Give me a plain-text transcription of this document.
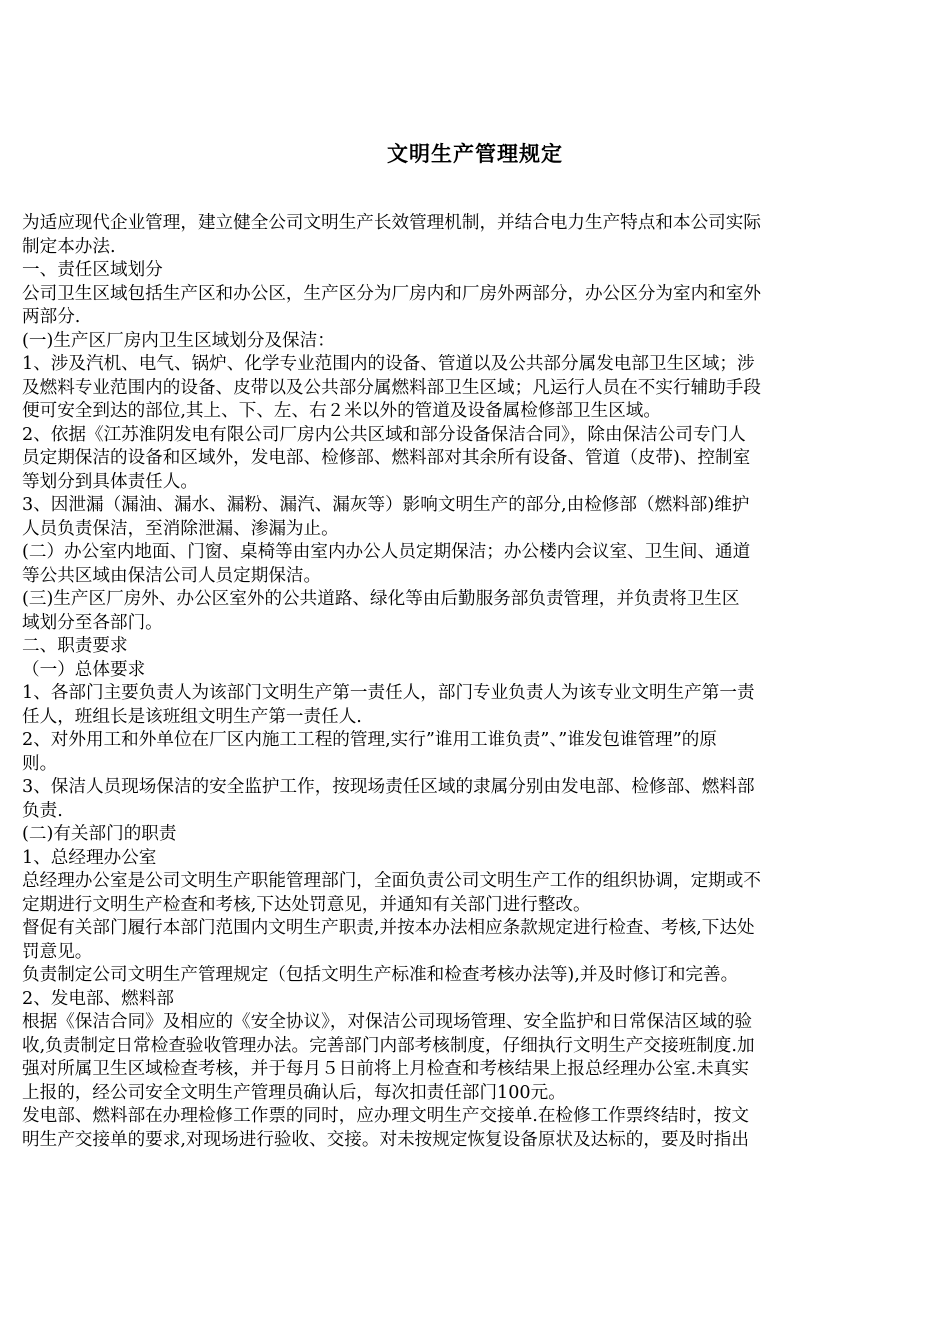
文明生产管理规定
为适应现代企业管理，建立健全公司文明生产长效管理机制，并结合电力生产特点和本公司实际
制定本办法.
一、责任区域划分
公司卫生区域包括生产区和办公区，生产区分为厂房内和厂房外两部分，办公区分为室内和室外
两部分.
(一)生产区厂房内卫生区域划分及保洁：
1、涉及汽机、电气、锅炉、化学专业范围内的设备、管道以及公共部分属发电部卫生区域；涉
及燃料专业范围内的设备、皮带以及公共部分属燃料部卫生区域；凡运行人员在不实行辅助手段
便可安全到达的部位,其上、下、左、右２米以外的管道及设备属检修部卫生区域。
2、依据《江苏淮阴发电有限公司厂房内公共区域和部分设备保洁合同》，除由保洁公司专门人
员定期保洁的设备和区域外，发电部、检修部、燃料部对其余所有设备、管道（皮带)、控制室
等划分到具体责任人。
3、因泄漏（漏油、漏水、漏粉、漏汽、漏灰等）影响文明生产的部分,由检修部（燃料部)维护
人员负责保洁，至消除泄漏、渗漏为止。
(二）办公室内地面、门窗、桌椅等由室内办公人员定期保洁；办公楼内会议室、卫生间、通道
等公共区域由保洁公司人员定期保洁。
(三)生产区厂房外、办公区室外的公共道路、绿化等由后勤服务部负责管理，并负责将卫生区
域划分至各部门。
二、职责要求
（一）总体要求
1、各部门主要负责人为该部门文明生产第一责任人，部门专业负责人为该专业文明生产第一责
任人，班组长是该班组文明生产第一责任人.
2、对外用工和外单位在厂区内施工工程的管理,实行”谁用工谁负责”、”谁发包谁管理”的原
则。
3、保洁人员现场保洁的安全监护工作，按现场责任区域的隶属分别由发电部、检修部、燃料部
负责.
(二)有关部门的职责
1、总经理办公室
总经理办公室是公司文明生产职能管理部门，全面负责公司文明生产工作的组织协调，定期或不
定期进行文明生产检查和考核,下达处罚意见，并通知有关部门进行整改。
督促有关部门履行本部门范围内文明生产职责,并按本办法相应条款规定进行检查、考核,下达处
罚意见。
负责制定公司文明生产管理规定（包括文明生产标准和检查考核办法等),并及时修订和完善。
2、发电部、燃料部
根据《保洁合同》及相应的《安全协议》，对保洁公司现场管理、安全监护和日常保洁区域的验
收,负责制定日常检查验收管理办法。完善部门内部考核制度，仔细执行文明生产交接班制度.加
强对所属卫生区域检查考核，并于每月５日前将上月检查和考核结果上报总经理办公室.未真实
上报的，经公司安全文明生产管理员确认后，每次扣责任部门100元。
发电部、燃料部在办理检修工作票的同时，应办理文明生产交接单.在检修工作票终结时，按文
明生产交接单的要求,对现场进行验收、交接。对未按规定恢复设备原状及达标的，要及时指出
